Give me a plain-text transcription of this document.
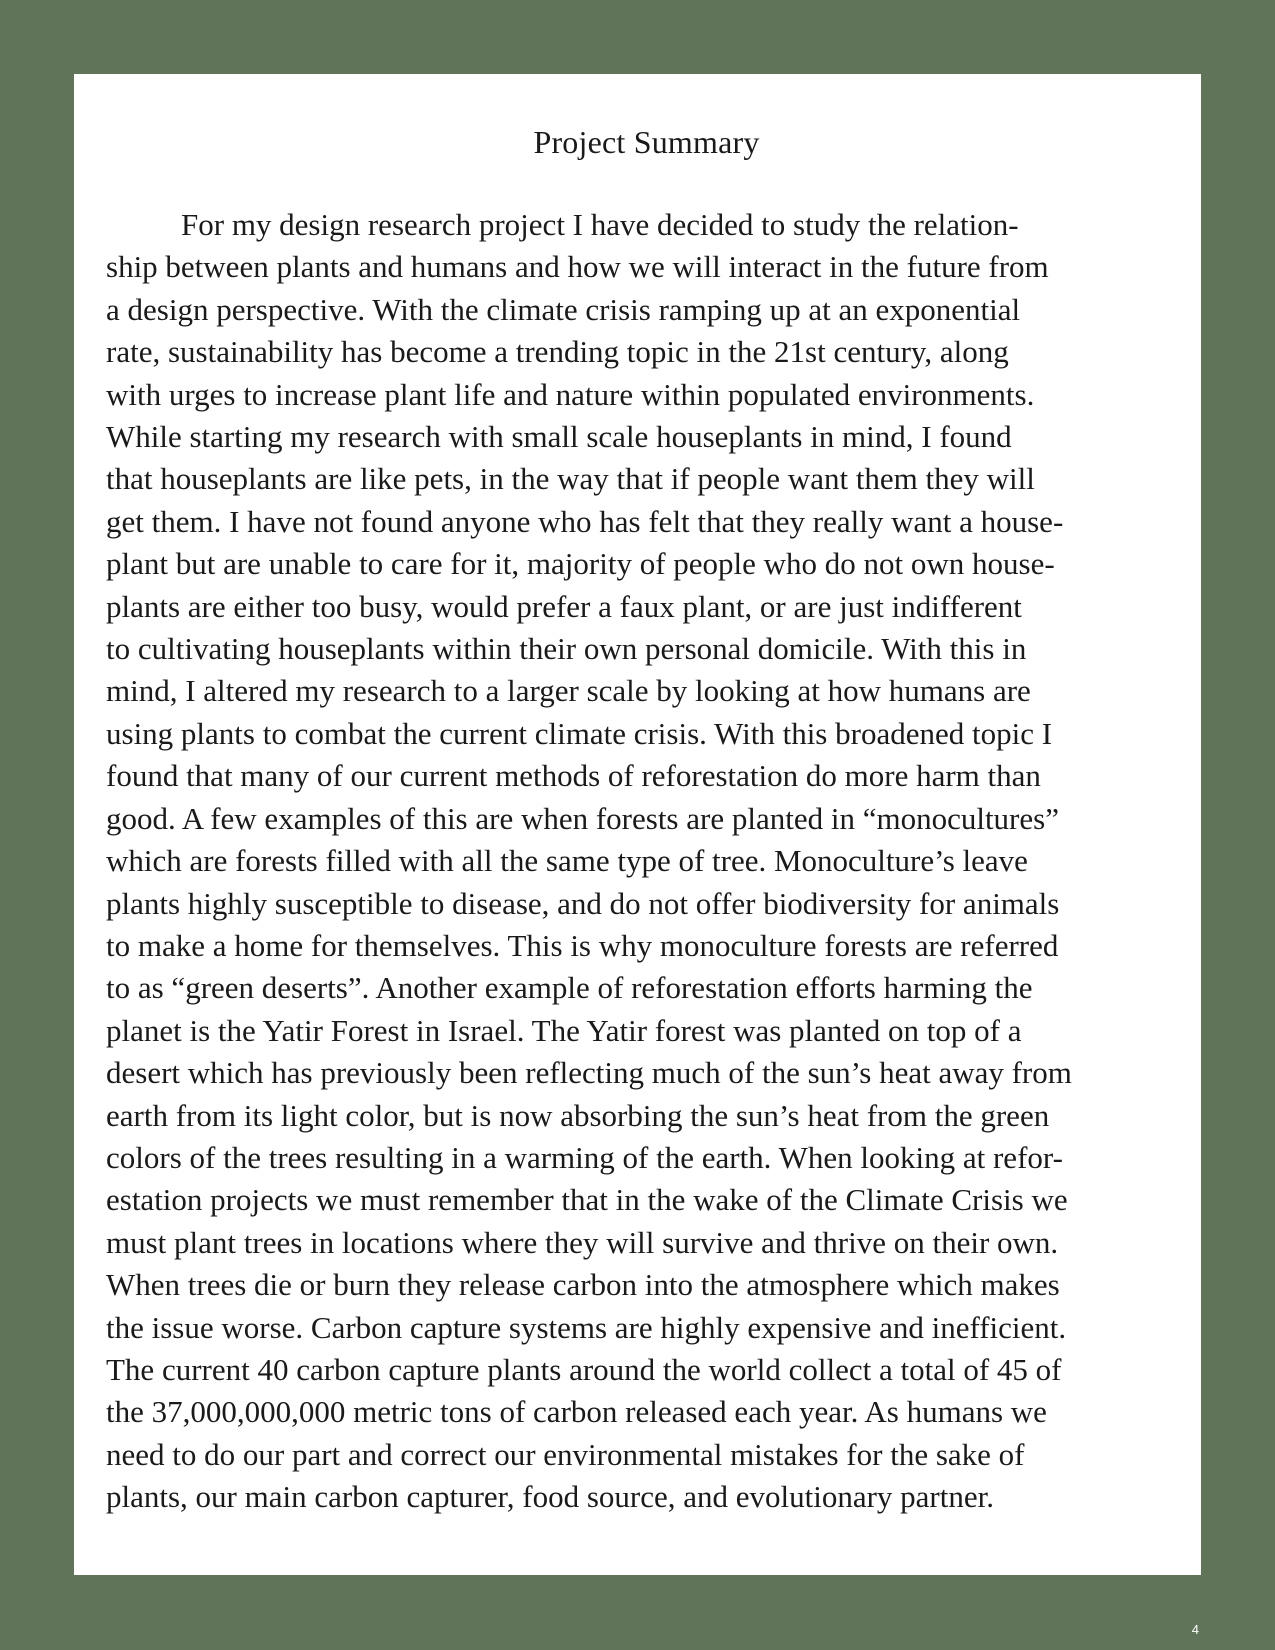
Project Summary
For my design research project I have decided to study the relation-
ship between plants and humans and how we will interact in the future from
a design perspective. With the climate crisis ramping up at an exponential
rate, sustainability has become a trending topic in the 21st century, along
with urges to increase plant life and nature within populated environments.
While starting my research with small scale houseplants in mind, I found
that houseplants are like pets, in the way that if people want them they will
get them. I have not found anyone who has felt that they really want a house-
plant but are unable to care for it, majority of people who do not own house-
plants are either too busy, would prefer a faux plant, or are just indifferent
to cultivating houseplants within their own personal domicile. With this in
mind, I altered my research to a larger scale by looking at how humans are
using plants to combat the current climate crisis. With this broadened topic I
found that many of our current methods of reforestation do more harm than
good. A few examples of this are when forests are planted in “monocultures”
which are forests filled with all the same type of tree. Monoculture’s leave
plants highly susceptible to disease, and do not offer biodiversity for animals
to make a home for themselves. This is why monoculture forests are referred
to as “green deserts”. Another example of reforestation efforts harming the
planet is the Yatir Forest in Israel. The Yatir forest was planted on top of a
desert which has previously been reflecting much of the sun’s heat away from
earth from its light color, but is now absorbing the sun’s heat from the green
colors of the trees resulting in a warming of the earth. When looking at refor-
estation projects we must remember that in the wake of the Climate Crisis we
must plant trees in locations where they will survive and thrive on their own.
When trees die or burn they release carbon into the atmosphere which makes
the issue worse. Carbon capture systems are highly expensive and inefficient.
The current 40 carbon capture plants around the world collect a total of 45 of
the 37,000,000,000 metric tons of carbon released each year. As humans we
need to do our part and correct our environmental mistakes for the sake of
plants, our main carbon capturer, food source, and evolutionary partner.

4
